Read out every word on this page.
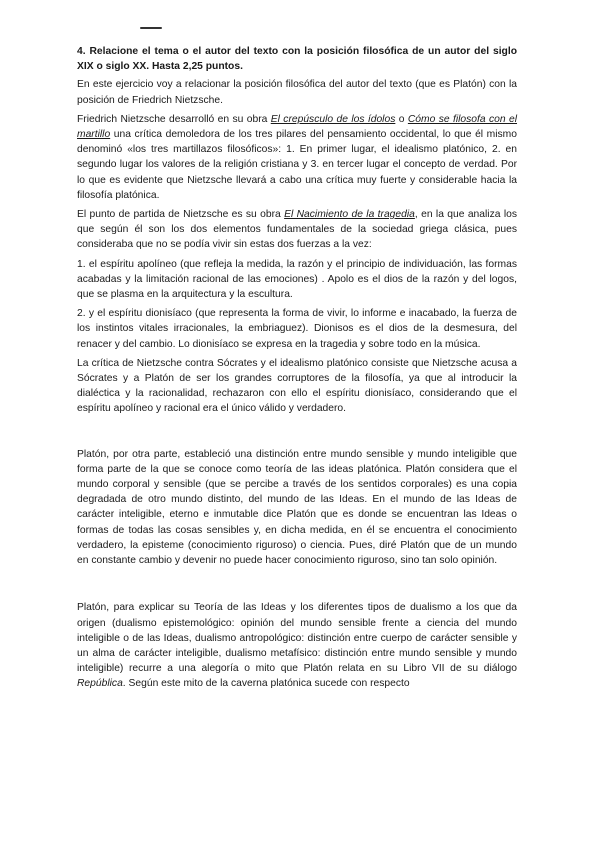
4. Relacione el tema o el autor del texto con la posición filosófica de un autor del siglo XIX o siglo XX. Hasta 2,25 puntos.

En este ejercicio voy a relacionar la posición filosófica del autor del texto (que es Platón) con la posición de Friedrich Nietzsche.

Friedrich Nietzsche desarrolló en su obra El crepúsculo de los ídolos o Cómo se filosofa con el martillo una crítica demoledora de los tres pilares del pensamiento occidental, lo que él mismo denominó «los tres martillazos filosóficos»: 1. En primer lugar, el idealismo platónico, 2. en segundo lugar los valores de la religión cristiana y 3. en tercer lugar el concepto de verdad. Por lo que es evidente que Nietzsche llevará a cabo una crítica muy fuerte y considerable hacia la filosofía platónica.

El punto de partida de Nietzsche es su obra El Nacimiento de la tragedia, en la que analiza los que según él son los dos elementos fundamentales de la sociedad griega clásica, pues consideraba que no se podía vivir sin estas dos fuerzas a la vez:

1. el espíritu apolíneo (que refleja la medida, la razón y el principio de individuación, las formas acabadas y la limitación racional de las emociones) . Apolo es el dios de la razón y del logos, que se plasma en la arquitectura y la escultura.

2. y el espíritu dionisíaco (que representa la forma de vivir, lo informe e inacabado, la fuerza de los instintos vitales irracionales, la embriaguez). Dionisos es el dios de la desmesura, del renacer y del cambio. Lo dionisíaco se expresa en la tragedia y sobre todo en la música.

La crítica de Nietzsche contra Sócrates y el idealismo platónico consiste que Nietzsche acusa a Sócrates y a Platón de ser los grandes corruptores de la filosofía, ya que al introducir la dialéctica y la racionalidad, rechazaron con ello el espíritu dionisíaco, considerando que el espíritu apolíneo y racional era el único válido y verdadero.

Platón, por otra parte, estableció una distinción entre mundo sensible y mundo inteligible que forma parte de la que se conoce como teoría de las ideas platónica. Platón considera que el mundo corporal y sensible (que se percibe a través de los sentidos corporales) es una copia degradada de otro mundo distinto, del mundo de las Ideas. En el mundo de las Ideas de carácter inteligible, eterno e inmutable dice Platón que es donde se encuentran las Ideas o formas de todas las cosas sensibles y, en dicha medida, en él se encuentra el conocimiento verdadero, la episteme (conocimiento riguroso) o ciencia. Pues, diré Platón que de un mundo en constante cambio y devenir no puede hacer conocimiento riguroso, sino tan solo opinión.

Platón, para explicar su Teoría de las Ideas y los diferentes tipos de dualismo a los que da origen (dualismo epistemológico: opinión del mundo sensible frente a ciencia del mundo inteligible o de las Ideas, dualismo antropológico: distinción entre cuerpo de carácter sensible y un alma de carácter inteligible, dualismo metafísico: distinción entre mundo sensible y mundo inteligible) recurre a una alegoría o mito que Platón relata en su Libro VII de su diálogo República. Según este mito de la caverna platónica sucede con respecto
